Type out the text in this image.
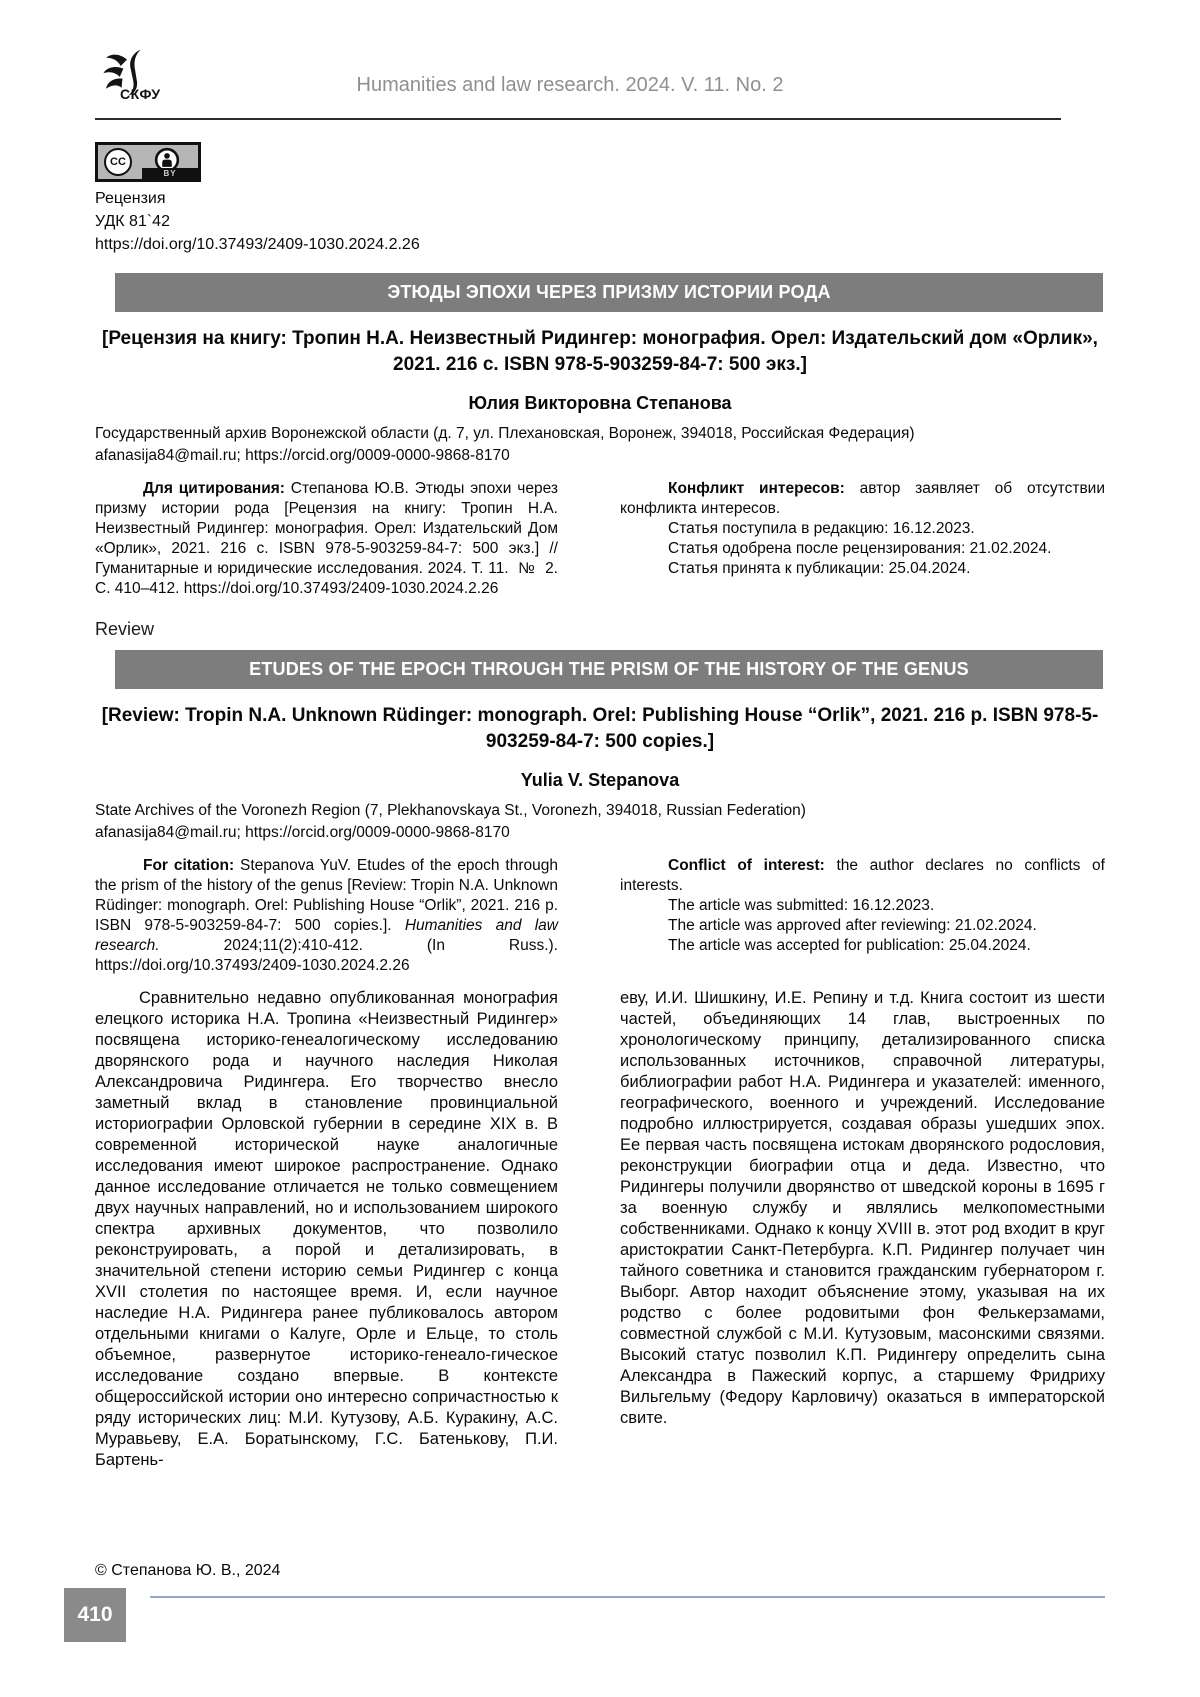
СКФУ	Humanities and law research. 2024. V. 11. No. 2
CC
BY
Рецензия
УДК 81`42
https://doi.org/10.37493/2409-1030.2024.2.26
ЭТЮДЫ ЭПОХИ ЧЕРЕЗ ПРИЗМУ ИСТОРИИ РОДА
[Рецензия на книгу: Тропин Н.А. Неизвестный Ридингер: монография. Орел: Издательский дом «Орлик», 2021. 216 с. ISBN 978-5-903259-84-7: 500 экз.]
Юлия Викторовна Степанова
Государственный архив Воронежской области (д. 7, ул. Плехановская, Воронеж, 394018, Российская Федерация)
afanasija84@mail.ru; https://orcid.org/0009-0000-9868-8170

Для цитирования: Степанова Ю.В. Этюды эпохи через призму истории рода [Рецензия на книгу: Тропин Н.А. Неизвестный Ридингер: монография. Орел: Издательский Дом «Орлик», 2021. 216 с. ISBN 978-5-903259-84-7: 500 экз.] // Гуманитарные и юридические исследования. 2024. Т. 11.  №  2. С. 410–412. https://doi.org/10.37493/2409-1030.2024.2.26

Конфликт интересов: автор заявляет об отсутствии конфликта интересов.

Статья поступила в редакцию: 16.12.2023.

Статья одобрена после рецензирования: 21.02.2024.

Статья принята к публикации: 25.04.2024.

Review
ETUDES OF THE EPOCH THROUGH THE PRISM OF THE HISTORY OF THE GENUS
[Review: Tropin N.A. Unknown Rüdinger: monograph. Orel: Publishing House “Orlik”, 2021. 216 p. ISBN 978-5-903259-84-7: 500 copies.]
Yulia V. Stepanova
State Archives of the Voronezh Region (7, Plekhanovskaya St., Voronezh, 394018, Russian Federation)
afanasija84@mail.ru; https://orcid.org/0009-0000-9868-8170

For citation: Stepanova YuV. Etudes of the epoch through the prism of the history of the genus [Review: Tropin N.A. Unknown Rüdinger: monograph. Orel: Publishing House “Orlik”, 2021. 216 p. ISBN 978-5-903259-84-7: 500 copies.]. Humanities and law research. 2024;11(2):410-412. (In Russ.). https://doi.org/10.37493/2409-1030.2024.2.26

Conflict of interest: the author declares no conflicts of interests.

The article was submitted: 16.12.2023.

The article was approved after reviewing: 21.02.2024.

The article was accepted for publication: 25.04.2024.

Сравнительно недавно опубликованная монография елецкого историка Н.А. Тропина «Неизвестный Ридингер» посвящена историко-генеалогическому исследованию дворянского рода и научного наследия Николая Александровича Ридингера. Его творчество внесло заметный вклад в становление провинциальной историографии Орловской губернии в середине XIX в. В современной исторической науке аналогичные исследования имеют широкое распространение. Однако данное исследование отличается не только совмещением двух научных направлений, но и использованием широкого спектра архивных документов, что позволило реконструировать, а порой и детализировать, в значительной степени историю семьи Ридингер с конца XVII столетия по настоящее время. И, если научное наследие Н.А. Ридингера ранее публиковалось автором отдельными книгами о Калуге, Орле и Ельце, то столь объемное, развернутое историко-генеало-гическое исследование создано впервые. В контексте общероссийской истории оно интересно сопричастностью к ряду исторических лиц: М.И. Кутузову, А.Б. Куракину, А.С. Муравьеву, Е.А. Боратынскому, Г.С. Батенькову, П.И. Бартень-

еву, И.И. Шишкину, И.Е. Репину и т.д. Книга состоит из шести частей, объединяющих 14 глав, выстроенных по хронологическому принципу, детализированного списка использованных источников, справочной литературы, библиографии работ Н.А. Ридингера и указателей: именного, географического, военного и учреждений. Исследование подробно иллюстрируется, создавая образы ушедших эпох. Ее первая часть посвящена истокам дворянского родословия, реконструкции биографии отца и деда. Известно, что Ридингеры получили дворянство от шведской короны в 1695 г за военную службу и являлись мелкопоместными собственниками. Однако к концу XVIII в. этот род входит в круг аристократии Санкт-Петербурга. К.П. Ридингер получает чин тайного советника и становится гражданским губернатором г. Выборг. Автор находит объяснение этому, указывая на их родство с более родовитыми фон Фелькерзамами, совместной службой с М.И. Кутузовым, масонскими связями. Высокий статус позволил К.П. Ридингеру определить сына Александра в Пажеский корпус, а старшему Фридриху Вильгельму (Федору Карловичу) оказаться в императорской свите.

© Степанова Ю. В., 2024
410
